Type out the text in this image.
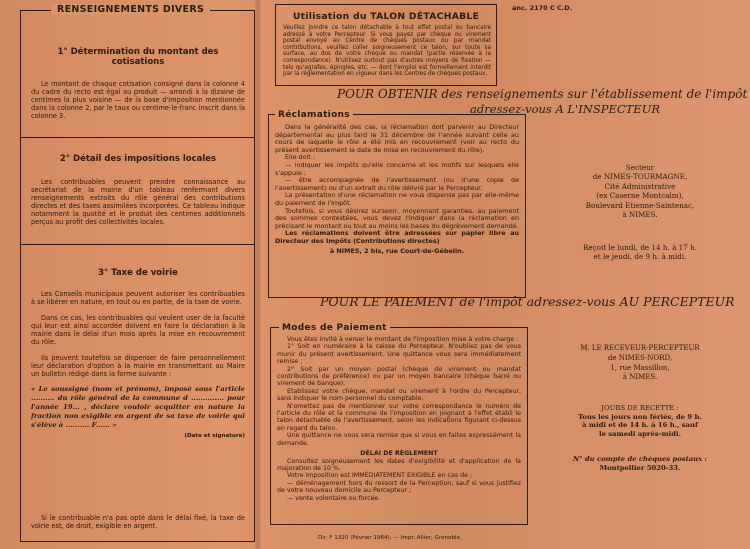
RENSEIGNEMENTS DIVERS
1° Détermination du montant des cotisations

Le montant de chaque cotisation consigné dans la colonne 4 du cadre du recto est égal au produit — arrondi à la dizaine de centimes la plus voisine — de la base d'imposition mentionnée dans la colonne 2, par le taux ou centime-le-franc inscrit dans la colonne 3.

2° Détail des impositions locales

Les contribuables peuvent prendre connaissance au secrétariat de la mairie d'un tableau renfermant divers renseignements extraits du rôle général des contributions directes et des taxes assimilées incorporées. Ce tableau indique notamment la quotité et le produit des centimes additionnels perçus au profit des collectivités locales.

3° Taxe de voirie

Les Conseils municipaux peuvent autoriser les contribuables à se libérer en nature, en tout ou en partie, de la taxe de voirie.

Dans ce cas, les contribuables qui veulent user de la faculté qui leur est ainsi accordée doivent en faire la déclaration à la mairie dans le délai d'un mois après la mise en recouvrement du rôle.

Ils peuvent toutefois se dispenser de faire personnellement leur déclaration d'option à la mairie en transmettant au Maire un bulletin rédigé dans la forme suivante :

« Le soussigné (nom et prénom), imposé sous l'article .......... du rôle général de la commune d .............. pour l'année 19... , déclare vouloir acquitter en nature la fraction non exigible en argent de sa taxe de voirie qui s'élève à .......... F...... »

(Date et signature)

Si le contribuable n'a pas opté dans le délai fixé, la taxe de voirie est, de droit, exigible en argent.

Utilisation du TALON DÉTACHABLE

Veuillez joindre ce talon détachable à tout effet postal ou bancaire adressé à votre Percepteur. Si vous payez par chèque ou virement postal envoyé au Centre de chèques postaux ou par mandat contributions, veuillez coller soigneusement ce talon, sur toute sa surface, au dos de votre chèque ou mandat (partie réservée à la correspondance). N'utilisez surtout pas d'autres moyens de fixation — tels qu'agrafes, épingles, etc. — dont l'emploi est formellement interdit par la réglementation en vigueur dans les Centres de chèques postaux.

anc. 2170 C C.D.
POUR OBTENIR des renseignements sur l'établissement de l'impôt
adressez-vous A L'INSPECTEUR
Réclamations

Dans la généralité des cas, la réclamation doit parvenir au Directeur départemental au plus tard le 31 décembre de l'année suivant celle au cours de laquelle le rôle a été mis en recouvrement (voir au recto du présent avertissement la date de mise en recouvrement du rôle).

Elle doit :

— indiquer les impôts qu'elle concerne et les motifs sur lesquels elle s'appuie ;

— être accompagnée de l'avertissement (ou d'une copie de l'avertissement) ou d'un extrait du rôle délivré par le Percepteur.

La présentation d'une réclamation ne vous dispense pas par elle-même du paiement de l'impôt.

Toutefois, si vous désirez surseoir, moyennant garanties, au paiement des sommes contestées, vous devez l'indiquer dans la réclamation en précisant le montant ou tout au moins les bases du dégrèvement demandé.

Les réclamations doivent être adressées sur papier libre au Directeur des Impôts (Contributions directes)

à NIMES, 2 bis, rue Court-de-Gébelin.

Secteur
de NIMES-TOURMAGNE,
Cité Administrative
(ex Caserne Montcalm),
Boulevard Etienne-Saintenac,
à NIMES.
Reçoit le lundi, de 14 h. à 17 h.
et le jeudi, de 9 h. à midi.
POUR LE PAIEMENT de l'impôt adressez-vous AU PERCEPTEUR
Modes de Paiement

Vous êtes invité à verser le montant de l'imposition mise à votre charge :

1° Soit en numéraire à la caisse du Percepteur. N'oubliez pas de vous munir du présent avertissement. Une quittance vous sera immédiatement remise ;

2° Soit par un moyen postal (chèque de virement ou mandat contributions de préférence) ou par un moyen bancaire (chèque barré ou virement de banque).

Etablissez votre chèque, mandat ou virement à l'ordre du Percepteur, sans indiquer le nom personnel du comptable.

N'omettez pas de mentionner sur votre correspondance le numéro de l'article du rôle et la commune de l'imposition en joignant à l'effet établi le talon détachable de l'avertissement, selon les indications figurant ci-dessus en regard du talon.

Une quittance ne vous sera remise que si vous en faites expressément la demande.

DÉLAI DE RÈGLEMENT

Consultez soigneusement les dates d'exigibilité et d'application de la majoration de 10 %.

Votre imposition est IMMÉDIATEMENT EXIGIBLE en cas de :

— déménagement hors du ressort de la Perception, sauf si vous justifiez de votre nouveau domicile au Percepteur ;

— vente volontaire ou forcée.

M. LE RECEVEUR-PERCEPTEUR
de NIMES-NORD,
1, rue Massillon,
à NIMES.
JOURS DE RECETTE :
Tous les jours non fériés, de 9 h.
à midi et de 14 h. à 16 h., sauf
le samedi après-midi.
N° du compte de chèques postaux :
Montpellier 5020-33.
Dir. F 1320 (Février 1964). — Impr. Allier, Grenoble.
